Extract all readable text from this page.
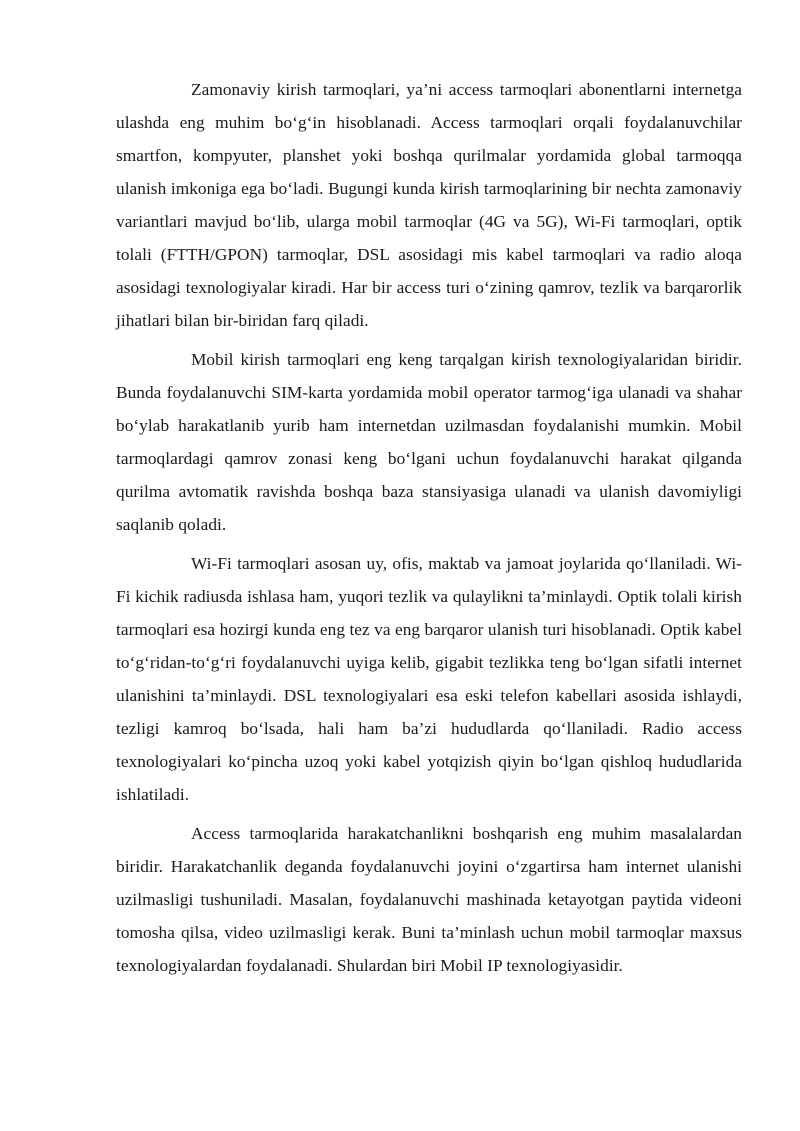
Zamonaviy kirish tarmoqlari, ya’ni access tarmoqlari abonentlarni internetga ulashda eng muhim bo‘g‘in hisoblanadi. Access tarmoqlari orqali foydalanuvchilar smartfon, kompyuter, planshet yoki boshqa qurilmalar yordamida global tarmoqqa ulanish imkoniga ega bo‘ladi. Bugungi kunda kirish tarmoqlarining bir nechta zamonaviy variantlari mavjud bo‘lib, ularga mobil tarmoqlar (4G va 5G), Wi-Fi tarmoqlari, optik tolali (FTTH/GPON) tarmoqlar, DSL asosidagi mis kabel tarmoqlari va radio aloqa asosidagi texnologiyalar kiradi. Har bir access turi o‘zining qamrov, tezlik va barqarorlik jihatlari bilan bir-biridan farq qiladi.

Mobil kirish tarmoqlari eng keng tarqalgan kirish texnologiyalaridan biridir. Bunda foydalanuvchi SIM-karta yordamida mobil operator tarmog‘iga ulanadi va shahar bo‘ylab harakatlanib yurib ham internetdan uzilmasdan foydalanishi mumkin. Mobil tarmoqlardagi qamrov zonasi keng bo‘lgani uchun foydalanuvchi harakat qilganda qurilma avtomatik ravishda boshqa baza stansiyasiga ulanadi va ulanish davomiyligi saqlanib qoladi.

Wi-Fi tarmoqlari asosan uy, ofis, maktab va jamoat joylarida qo‘llaniladi. Wi-Fi kichik radiusda ishlasa ham, yuqori tezlik va qulaylikni ta’minlaydi. Optik tolali kirish tarmoqlari esa hozirgi kunda eng tez va eng barqaror ulanish turi hisoblanadi. Optik kabel to‘g‘ridan-to‘g‘ri foydalanuvchi uyiga kelib, gigabit tezlikka teng bo‘lgan sifatli internet ulanishini ta’minlaydi. DSL texnologiyalari esa eski telefon kabellari asosida ishlaydi, tezligi kamroq bo‘lsada, hali ham ba’zi hududlarda qo‘llaniladi. Radio access texnologiyalari ko‘pincha uzoq yoki kabel yotqizish qiyin bo‘lgan qishloq hududlarida ishlatiladi.

Access tarmoqlarida harakatchanlikni boshqarish eng muhim masalalardan biridir. Harakatchanlik deganda foydalanuvchi joyini o‘zgartirsa ham internet ulanishi uzilmasligi tushuniladi. Masalan, foydalanuvchi mashinada ketayotgan paytida videoni tomosha qilsa, video uzilmasligi kerak. Buni ta’minlash uchun mobil tarmoqlar maxsus texnologiyalardan foydalanadi. Shulardan biri Mobil IP texnologiyasidir.
